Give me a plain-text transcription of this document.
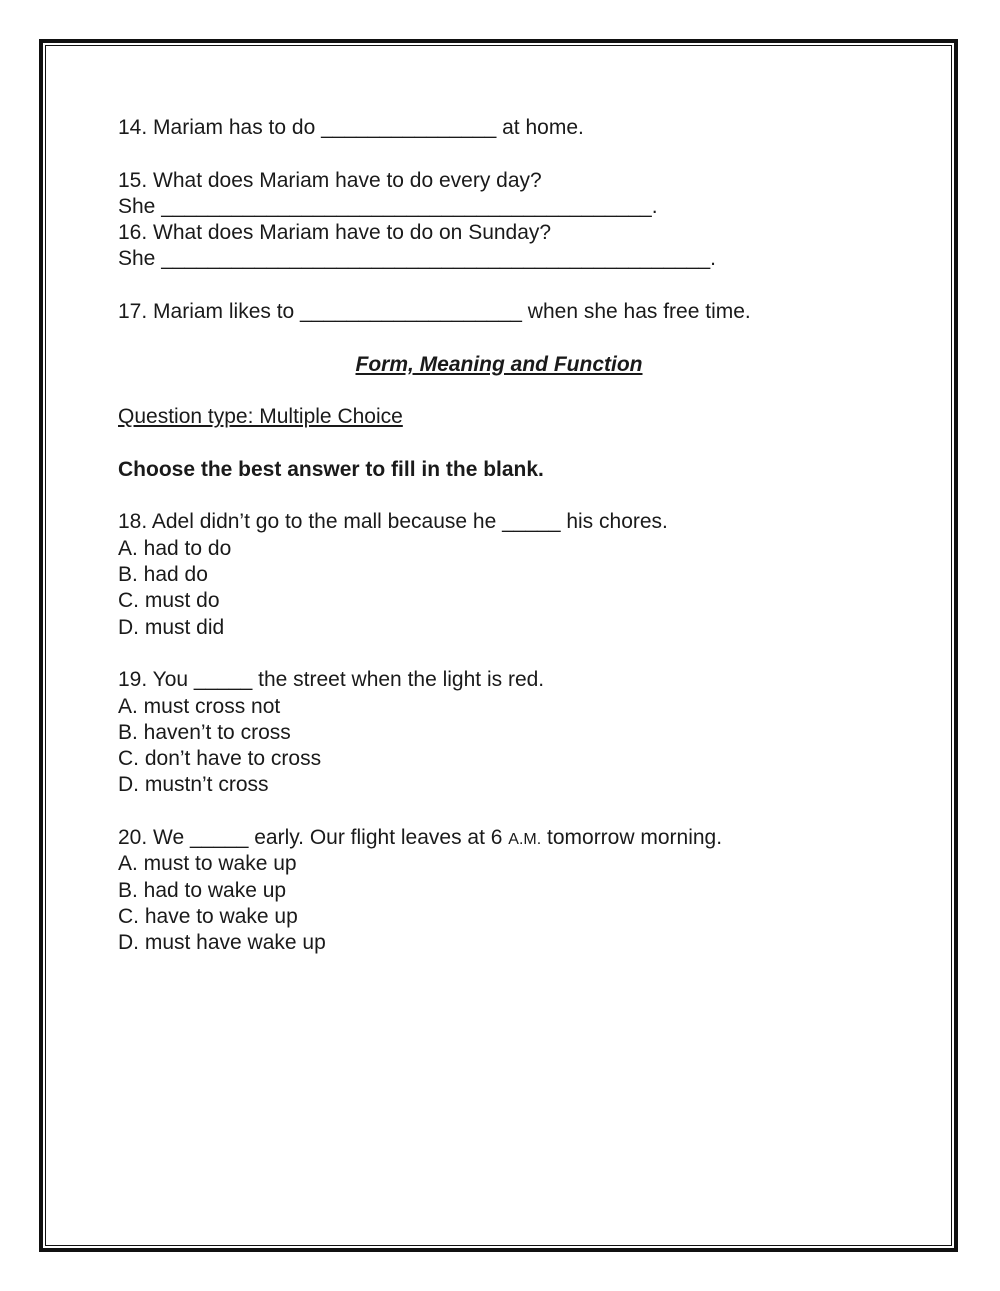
14. Mariam has to do _______________ at home.
15. What does Mariam have to do every day?
She __________________________________________.
16. What does Mariam have to do on Sunday?
She _______________________________________________.
17. Mariam likes to ___________________ when she has free time.
Form, Meaning and Function
Question type: Multiple Choice
Choose the best answer to fill in the blank.
18. Adel didn’t go to the mall because he _____ his chores.
A. had to do
B. had do
C. must do
D. must did
19. You _____ the street when the light is red.
A. must cross not
B. haven’t to cross
C. don’t have to cross
D. mustn’t cross
20. We _____ early. Our flight leaves at 6 A.M. tomorrow morning.
A. must to wake up
B. had to wake up
C. have to wake up
D. must have wake up
